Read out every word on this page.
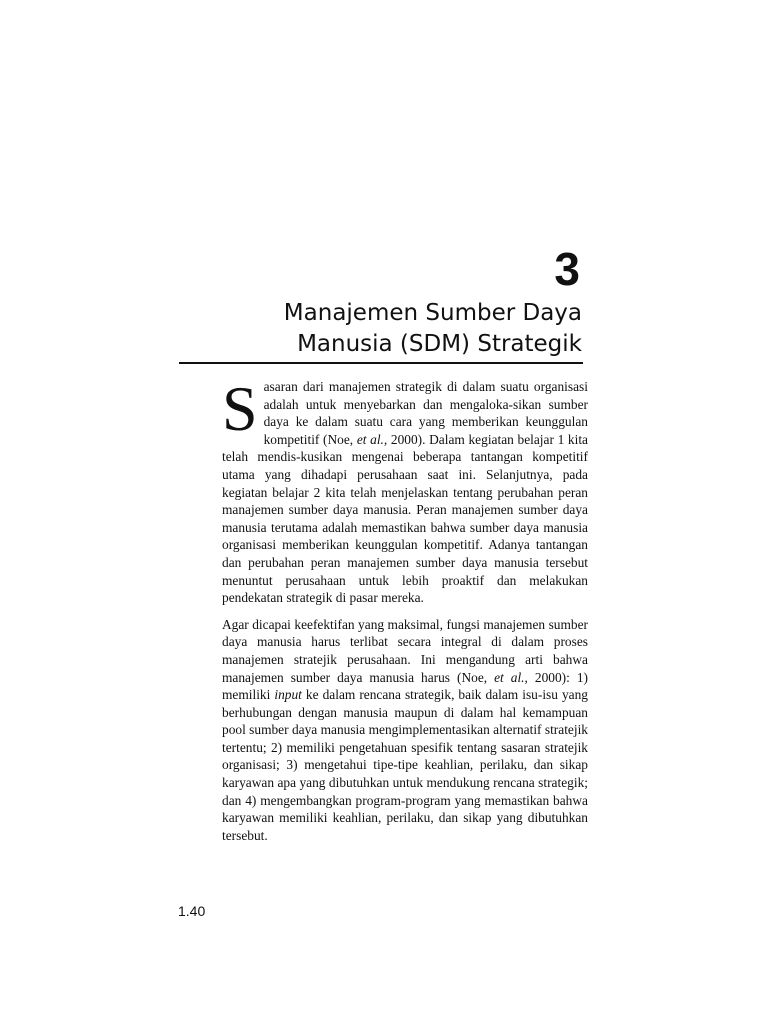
3
Manajemen Sumber Daya
Manusia (SDM) Strategik

Sasaran dari manajemen strategik di dalam suatu organisasi adalah untuk menyebarkan dan mengaloka-sikan sumber daya ke dalam suatu cara yang memberikan keunggulan kompetitif (Noe, et al., 2000). Dalam kegiatan belajar 1 kita telah mendis-kusikan mengenai beberapa tantangan kompetitif utama yang dihadapi perusahaan saat ini. Selanjutnya, pada kegiatan belajar 2 kita telah menjelaskan tentang perubahan peran manajemen sumber daya manusia. Peran manajemen sumber daya manusia terutama adalah memastikan bahwa sumber daya manusia organisasi memberikan keunggulan kompetitif. Adanya tantangan dan perubahan peran manajemen sumber daya manusia tersebut menuntut perusahaan untuk lebih proaktif dan melakukan pendekatan strategik di pasar mereka.

Agar dicapai keefektifan yang maksimal, fungsi manajemen sumber daya manusia harus terlibat secara integral di dalam proses manajemen stratejik perusahaan. Ini mengandung arti bahwa manajemen sumber daya manusia harus (Noe, et al., 2000): 1) memiliki input ke dalam rencana strategik, baik dalam isu-isu yang berhubungan dengan manusia maupun di dalam hal kemampuan pool sumber daya manusia mengimplementasikan alternatif stratejik tertentu; 2) memiliki pengetahuan spesifik tentang sasaran stratejik organisasi; 3) mengetahui tipe-tipe keahlian, perilaku, dan sikap karyawan apa yang dibutuhkan untuk mendukung rencana strategik; dan 4) mengembangkan program-program yang memastikan bahwa karyawan memiliki keahlian, perilaku, dan sikap yang dibutuhkan tersebut.

1.40
